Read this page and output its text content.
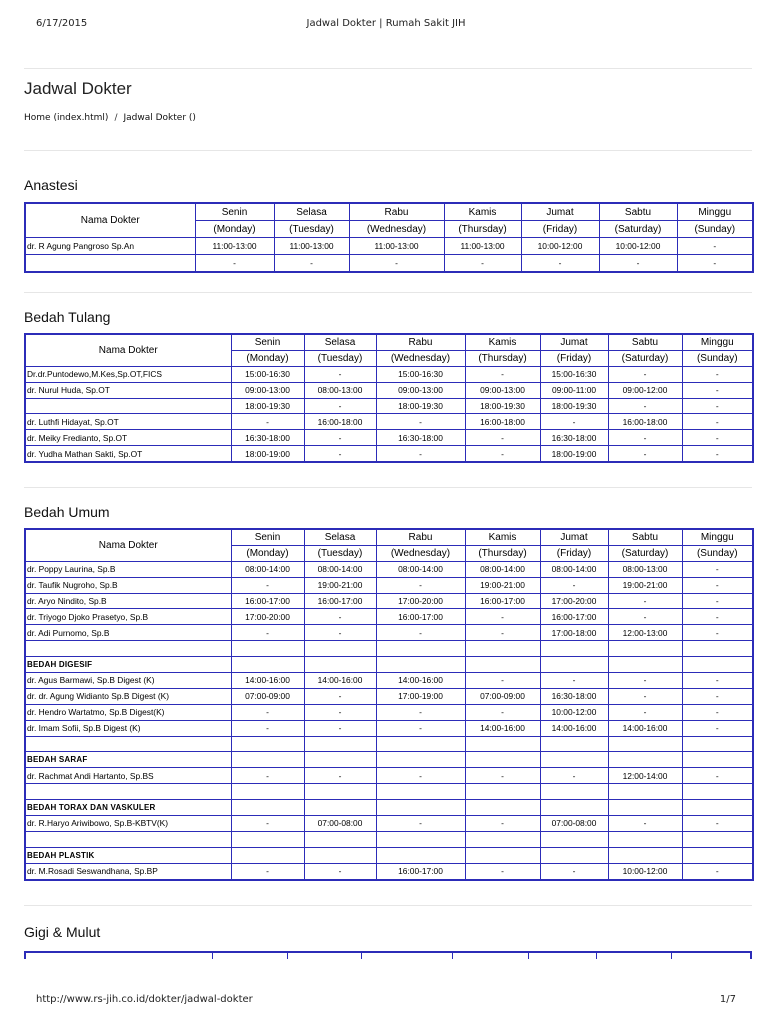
6/17/2015	Jadwal Dokter | Rumah Sakit JIH
Jadwal Dokter
Home (index.html) / Jadwal Dokter ()
Anastesi
Nama Dokter	Senin	Selasa	Rabu	Kamis	Jumat	Sabtu	Minggu
	(Monday)	(Tuesday)	(Wednesday)	(Thursday)	(Friday)	(Saturday)	(Sunday)
dr. R Agung Pangroso Sp.An	11:00-13:00	11:00-13:00	11:00-13:00	11:00-13:00	10:00-12:00	10:00-12:00	-
	-	-	-	-	-	-	-
Bedah Tulang
Nama Dokter	Senin	Selasa	Rabu	Kamis	Jumat	Sabtu	Minggu
	(Monday)	(Tuesday)	(Wednesday)	(Thursday)	(Friday)	(Saturday)	(Sunday)
Dr.dr.Puntodewo,M.Kes,Sp.OT,FICS	15:00-16:30	-	15:00-16:30	-	15:00-16:30	-	-
dr. Nurul Huda, Sp.OT	09:00-13:00	08:00-13:00	09:00-13:00	09:00-13:00	09:00-11:00	09:00-12:00	-
	18:00-19:30	-	18:00-19:30	18:00-19:30	18:00-19:30	-	-
dr. Luthfi Hidayat, Sp.OT	-	16:00-18:00	-	16:00-18:00	-	16:00-18:00	-
dr. Meiky Fredianto, Sp.OT	16:30-18:00	-	16:30-18:00	-	16:30-18:00	-	-
dr. Yudha Mathan Sakti, Sp.OT	18:00-19:00	-	-	-	18:00-19:00	-	-
Bedah Umum
Nama Dokter	Senin	Selasa	Rabu	Kamis	Jumat	Sabtu	Minggu
	(Monday)	(Tuesday)	(Wednesday)	(Thursday)	(Friday)	(Saturday)	(Sunday)
dr. Poppy Laurina, Sp.B	08:00-14:00	08:00-14:00	08:00-14:00	08:00-14:00	08:00-14:00	08:00-13:00	-
dr. Taufik Nugroho, Sp.B	-	19:00-21:00	-	19:00-21:00	-	19:00-21:00	-
dr. Aryo Nindito, Sp.B	16:00-17:00	16:00-17:00	17:00-20:00	16:00-17:00	17:00-20:00	-	-
dr. Triyogo Djoko Prasetyo, Sp.B	17:00-20:00	-	16:00-17:00	-	16:00-17:00	-	-
dr. Adi Purnomo, Sp.B	-	-	-	-	17:00-18:00	12:00-13:00	-

BEDAH DIGESIF							
dr. Agus Barmawi, Sp.B Digest (K)	14:00-16:00	14:00-16:00	14:00-16:00	-	-	-	-
dr. dr. Agung Widianto Sp.B Digest (K)	07:00-09:00	-	17:00-19:00	07:00-09:00	16:30-18:00	-	-
dr. Hendro Wartatmo, Sp.B Digest(K)	-	-	-	-	10:00-12:00	-	-
dr. Imam Sofii, Sp.B Digest (K)	-	-	-	14:00-16:00	14:00-16:00	14:00-16:00	-

BEDAH SARAF							
dr. Rachmat Andi Hartanto, Sp.BS	-	-	-	-	-	12:00-14:00	-

BEDAH TORAX DAN VASKULER							
dr. R.Haryo Ariwibowo, Sp.B-KBTV(K)	-	07:00-08:00	-	-	07:00-08:00	-	-

BEDAH PLASTIK							
dr. M.Rosadi Seswandhana, Sp.BP	-	-	16:00-17:00	-	-	10:00-12:00	-
Gigi & Mulut

http://www.rs-jih.co.id/dokter/jadwal-dokter	1/7
